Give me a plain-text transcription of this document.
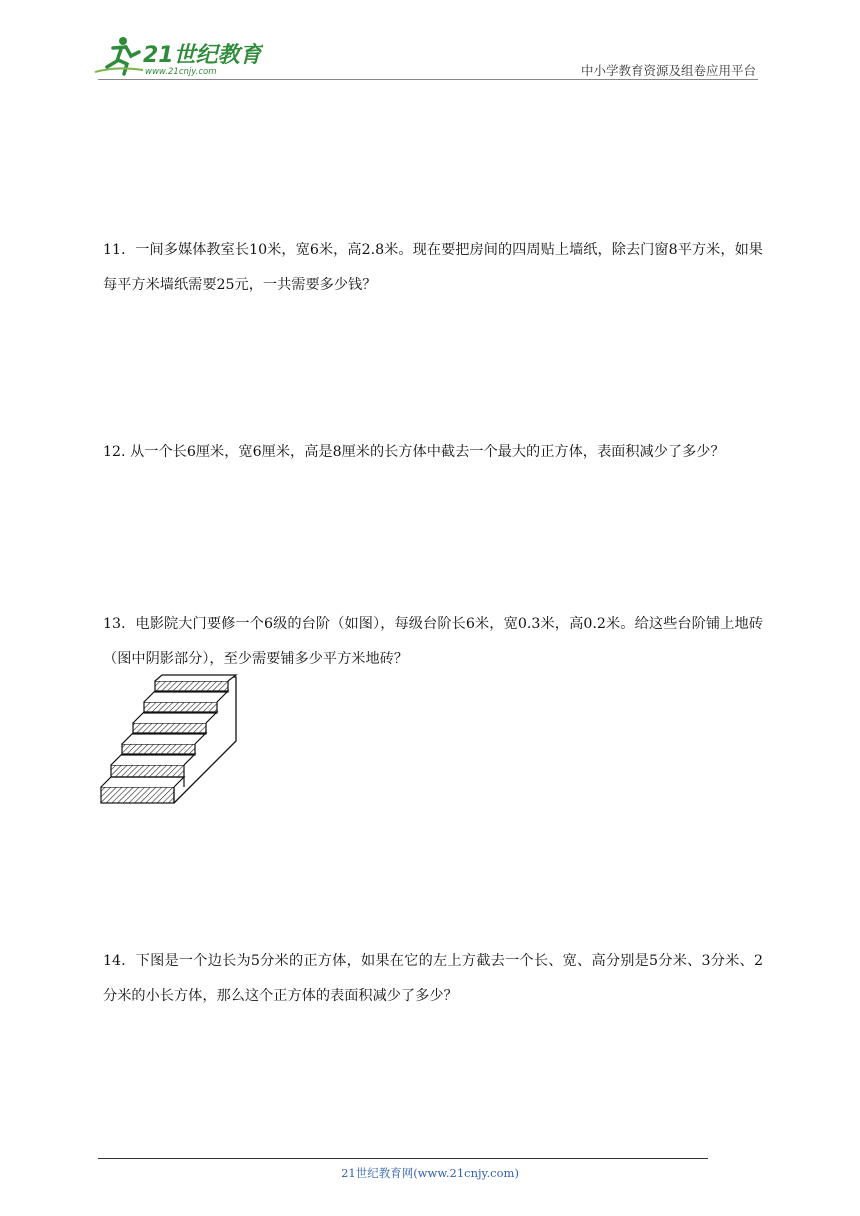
21世纪教育
www.21cnjy.com	中小学教育资源及组卷应用平台
11．一间多媒体教室长10米，宽6米，高2.8米。现在要把房间的四周贴上墙纸，除去门窗8平方米，如果每平方米墙纸需要25元，一共需要多少钱？
12. 从一个长6厘米，宽6厘米，高是8厘米的长方体中截去一个最大的正方体，表面积减少了多少？
13．电影院大门要修一个6级的台阶（如图），每级台阶长6米，宽0.3米，高0.2米。给这些台阶铺上地砖（图中阴影部分），至少需要铺多少平方米地砖？
14．下图是一个边长为5分米的正方体，如果在它的左上方截去一个长、宽、高分别是5分米、3分米、2分米的小长方体，那么这个正方体的表面积减少了多少？
21世纪教育网(www.21cnjy.com)
